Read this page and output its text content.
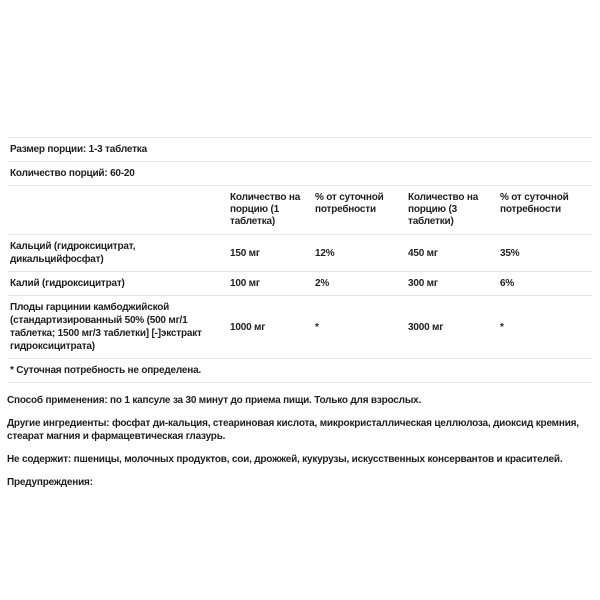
Размер порции: 1-3 таблетка				
Количество порций: 60-20				
	Количество на порцию (1 таблетка)	% от суточной потребности	Количество на порцию (3 таблетки)	% от суточной потребности
Кальций (гидроксицитрат, дикальцийфосфат)	150 мг	12%	450 мг	35%
Калий (гидроксицитрат)	100 мг	2%	300 мг	6%
Плоды гарцинии камбоджийской (стандартизированный 50% (500 мг/1 таблетка; 1500 мг/3 таблетки] [-]экстракт гидроксицитрата)	1000 мг	*	3000 мг	*
* Суточная потребность не определена.				

Способ применения: по 1 капсуле за 30 минут до приема пищи. Только для взрослых.

Другие ингредиенты: фосфат ди-кальция, стеариновая кислота, микрокристаллическая целлюлоза, диоксид кремния, стеарат магния и фармацевтическая глазурь.

Не содержит: пшеницы, молочных продуктов, сои, дрожжей, кукурузы, искусственных консервантов и красителей.

Предупреждения:
